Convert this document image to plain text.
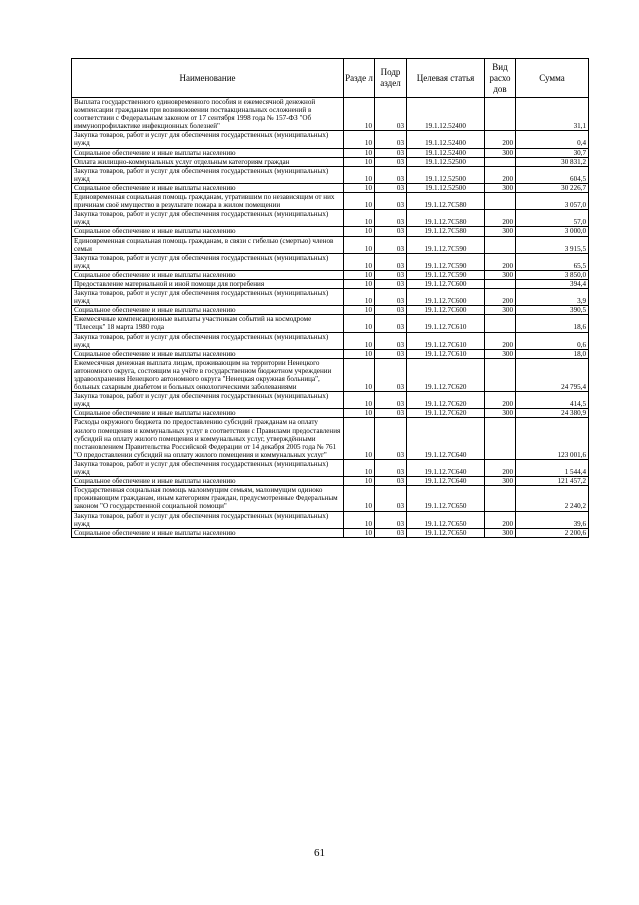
Наименование	Разде л	Подр аздел	Целевая статья	Вид расхо дов	Сумма
Выплата государственного единовременного пособия и ежемесячной денежной компенсации гражданам при возникновении поствакцинальных осложнений в соответствии с Федеральным законом от 17 сентября 1998 года № 157-ФЗ "Об иммунопрофилактике инфекционных болезней"	10	03	19.1.12.52400		31,1
Закупка товаров, работ и услуг для обеспечения государственных (муниципальных) нужд	10	03	19.1.12.52400	200	0,4
Социальное обеспечение и иные выплаты населению	10	03	19.1.12.52400	300	30,7
Оплата жилищно-коммунальных услуг отдельным категориям граждан	10	03	19.1.12.52500		30 831,2
Закупка товаров, работ и услуг для обеспечения государственных (муниципальных) нужд	10	03	19.1.12.52500	200	604,5
Социальное обеспечение и иные выплаты населению	10	03	19.1.12.52500	300	30 226,7
Единовременная социальная помощь гражданам, утратившим по независящим от них причинам своё имущество в результате пожара в жилом помещении	10	03	19.1.12.7С580		3 057,0
Закупка товаров, работ и услуг для обеспечения государственных (муниципальных) нужд	10	03	19.1.12.7С580	200	57,0
Социальное обеспечение и иные выплаты населению	10	03	19.1.12.7С580	300	3 000,0
Единовременная социальная помощь гражданам, в связи с гибелью (смертью) членов семьи	10	03	19.1.12.7С590		3 915,5
Закупка товаров, работ и услуг для обеспечения государственных (муниципальных) нужд	10	03	19.1.12.7С590	200	65,5
Социальное обеспечение и иные выплаты населению	10	03	19.1.12.7С590	300	3 850,0
Предоставление материальной и иной помощи для погребения	10	03	19.1.12.7С600		394,4
Закупка товаров, работ и услуг для обеспечения государственных (муниципальных) нужд	10	03	19.1.12.7С600	200	3,9
Социальное обеспечение и иные выплаты населению	10	03	19.1.12.7С600	300	390,5
Ежемесячные компенсационные выплаты участникам событий на космодроме "Плесецк" 18 марта 1980 года	10	03	19.1.12.7С610		18,6
Закупка товаров, работ и услуг для обеспечения государственных (муниципальных) нужд	10	03	19.1.12.7С610	200	0,6
Социальное обеспечение и иные выплаты населению	10	03	19.1.12.7С610	300	18,0
Ежемесячная денежная выплата лицам, проживающим на территории Ненецкого автономного округа, состоящим на учёте в государственном бюджетном учреждении здравоохранения Ненецкого автономного округа "Ненецкая окружная больница", больных сахарным диабетом и больных онкологическими заболеваниями	10	03	19.1.12.7С620		24 795,4
Закупка товаров, работ и услуг для обеспечения государственных (муниципальных) нужд	10	03	19.1.12.7С620	200	414,5
Социальное обеспечение и иные выплаты населению	10	03	19.1.12.7С620	300	24 380,9
Расходы окружного бюджета по предоставлению субсидий гражданам на оплату жилого помещения и коммунальных услуг в соответствии с Правилами предоставления субсидий на оплату жилого помещения и коммунальных услуг, утверждёнными постановлением Правительства Российской Федерации от 14 декабря 2005 года № 761 "О предоставлении субсидий на оплату жилого помещения и коммунальных услуг"	10	03	19.1.12.7С640		123 001,6
Закупка товаров, работ и услуг для обеспечения государственных (муниципальных) нужд	10	03	19.1.12.7С640	200	1 544,4
Социальное обеспечение и иные выплаты населению	10	03	19.1.12.7С640	300	121 457,2
Государственная социальная помощь малоимущим семьям, малоимущим одиноко проживающим гражданам, иным категориям граждан, предусмотренные Федеральным законом "О государственной социальной помощи"	10	03	19.1.12.7С650		2 240,2
Закупка товаров, работ и услуг для обеспечения государственных (муниципальных) нужд	10	03	19.1.12.7С650	200	39,6
Социальное обеспечение и иные выплаты населению	10	03	19.1.12.7С650	300	2 200,6
61
